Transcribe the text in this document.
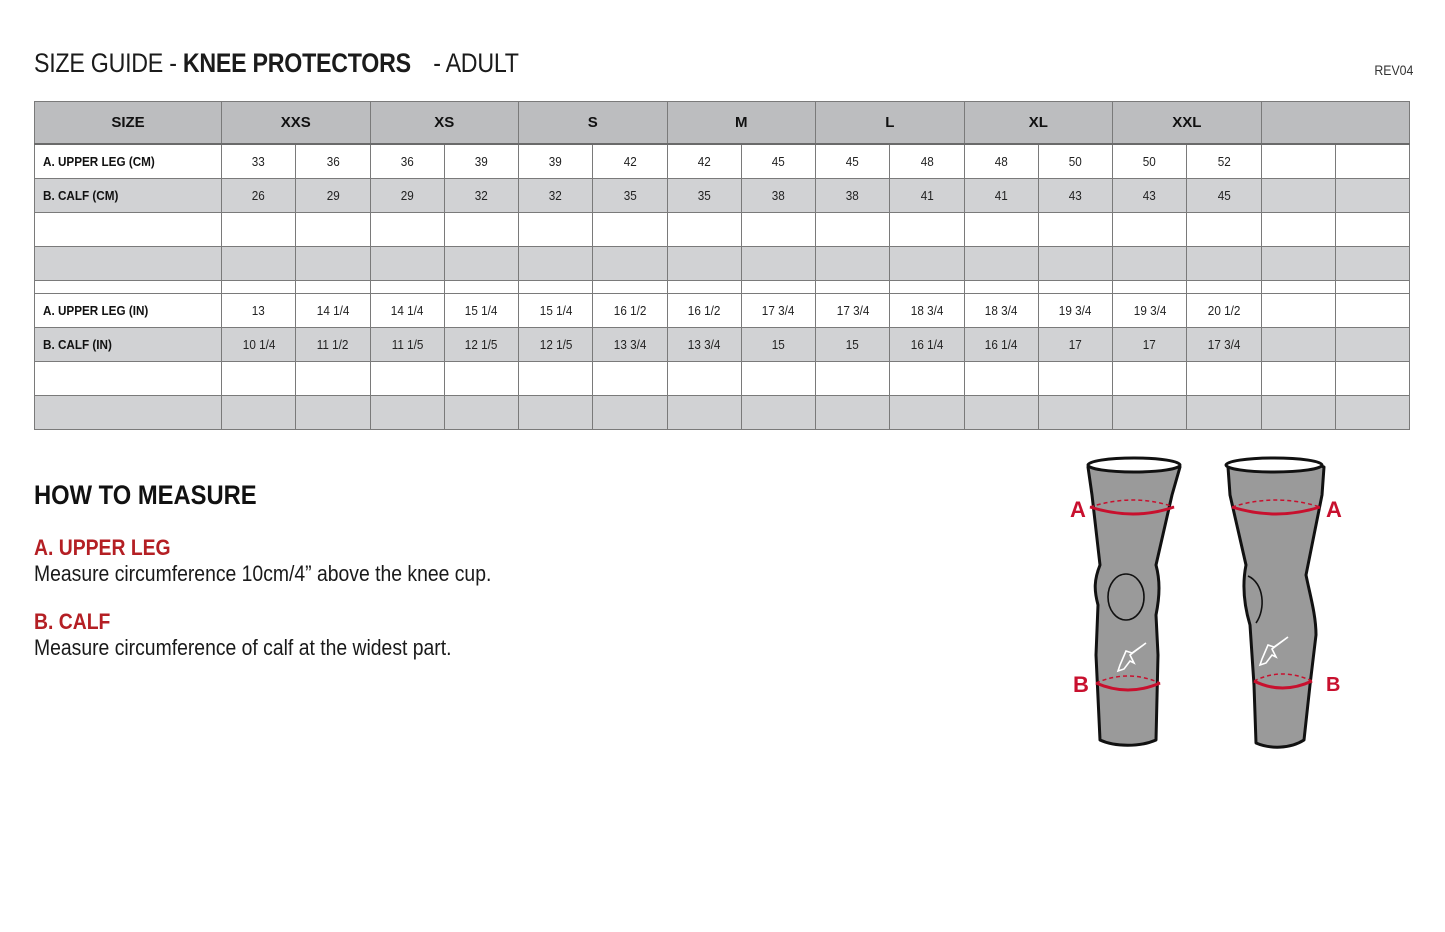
SIZE GUIDE - KNEE PROTECTORS - ADULT	REV04
SIZE	XXS		XS		S		M		L		XL		XXL			
A. UPPER LEG (CM)	33	36	36	39	39	42	42	45	45	48	48	50	50	52		
B. CALF (CM)	26	29	29	32	32	35	35	38	38	41	41	43	43	45		

A. UPPER LEG (IN)	13	14 1/4	14 1/4	15 1/4	15 1/4	16 1/2	16 1/2	17 3/4	17 3/4	18 3/4	18 3/4	19 3/4	19 3/4	20 1/2		
B. CALF (IN)	10 1/4	11 1/2	11 1/5	12 1/5	12 1/5	13 3/4	13 3/4	15	15	16 1/4	16 1/4	17	17	17 3/4		

HOW TO MEASURE
A. UPPER LEG

Measure circumference 10cm/4” above the knee cup.

B. CALF

Measure circumference of calf at the widest part.

A
B
A
B
